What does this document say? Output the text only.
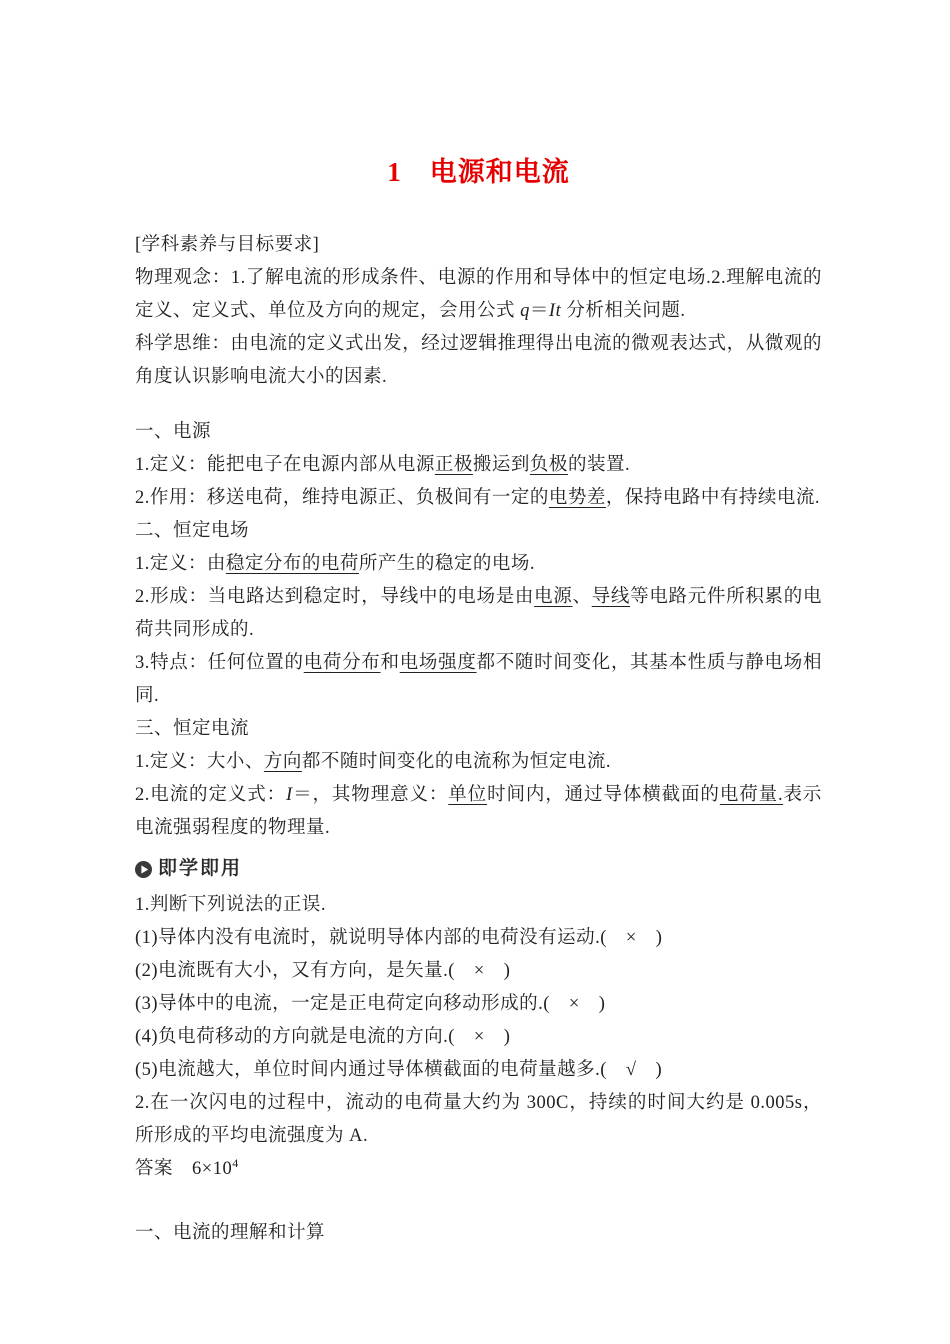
1　电源和电流

[学科素养与目标要求]

物理观念：1.了解电流的形成条件、电源的作用和导体中的恒定电场.2.理解电流的定义、定义式、单位及方向的规定，会用公式 q＝It 分析相关问题.

科学思维：由电流的定义式出发，经过逻辑推理得出电流的微观表达式，从微观的角度认识影响电流大小的因素.

一、电源

1.定义：能把电子在电源内部从电源正极搬运到负极的装置.

2.作用：移送电荷，维持电源正、负极间有一定的电势差，保持电路中有持续电流.

二、恒定电场

1.定义：由稳定分布的电荷所产生的稳定的电场.

2.形成：当电路达到稳定时，导线中的电场是由电源、导线等电路元件所积累的电荷共同形成的.

3.特点：任何位置的电荷分布和电场强度都不随时间变化，其基本性质与静电场相同.

三、恒定电流

1.定义：大小、方向都不随时间变化的电流称为恒定电流.

2.电流的定义式：I＝，其物理意义：单位时间内，通过导体横截面的电荷量.表示电流强弱程度的物理量.

即学即用

1.判断下列说法的正误.

(1)导体内没有电流时，就说明导体内部的电荷没有运动.(　×　)

(2)电流既有大小，又有方向，是矢量.(　×　)

(3)导体中的电流，一定是正电荷定向移动形成的.(　×　)

(4)负电荷移动的方向就是电流的方向.(　×　)

(5)电流越大，单位时间内通过导体横截面的电荷量越多.(　√　)

2.在一次闪电的过程中，流动的电荷量大约为 300C，持续的时间大约是 0.005s，所形成的平均电流强度为 A.

答案　$6\times 10^4$

一、电流的理解和计算
